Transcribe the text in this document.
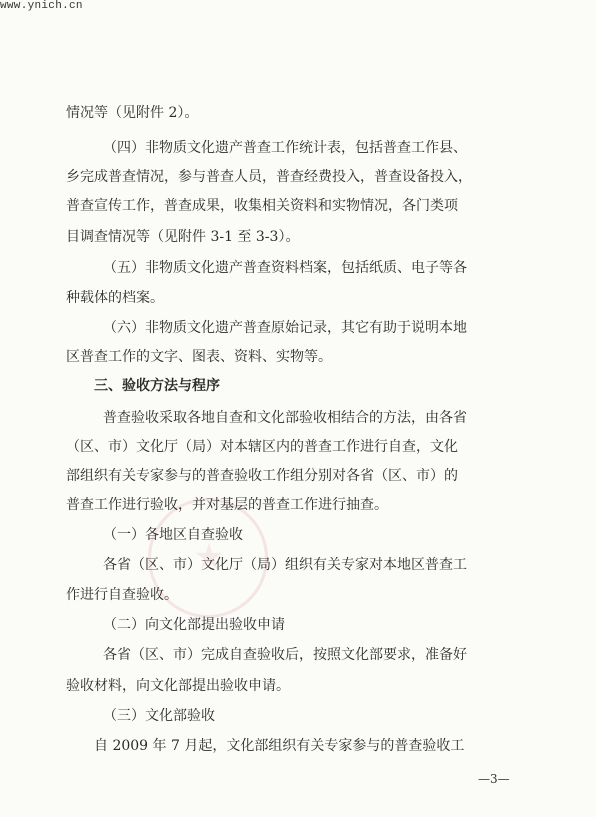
www.ynich.cn
情况等（见附件 2）。
（四）非物质文化遗产普查工作统计表，包括普查工作县、
乡完成普查情况，参与普查人员，普查经费投入，普查设备投入，
普查宣传工作，普查成果，收集相关资料和实物情况，各门类项
目调查情况等（见附件 3-1 至 3-3）。
（五）非物质文化遗产普查资料档案，包括纸质、电子等各
种载体的档案。
（六）非物质文化遗产普查原始记录，其它有助于说明本地
区普查工作的文字、图表、资料、实物等。
三、验收方法与程序
普查验收采取各地自查和文化部验收相结合的方法，由各省
（区、市）文化厅（局）对本辖区内的普查工作进行自查，文化
部组织有关专家参与的普查验收工作组分别对各省（区、市）的
普查工作进行验收，并对基层的普查工作进行抽查。
（一）各地区自查验收
各省（区、市）文化厅（局）组织有关专家对本地区普查工
作进行自查验收。
（二）向文化部提出验收申请
各省（区、市）完成自查验收后，按照文化部要求，准备好
验收材料，向文化部提出验收申请。
（三）文化部验收
自 2009 年 7 月起，文化部组织有关专家参与的普查验收工
—3—
